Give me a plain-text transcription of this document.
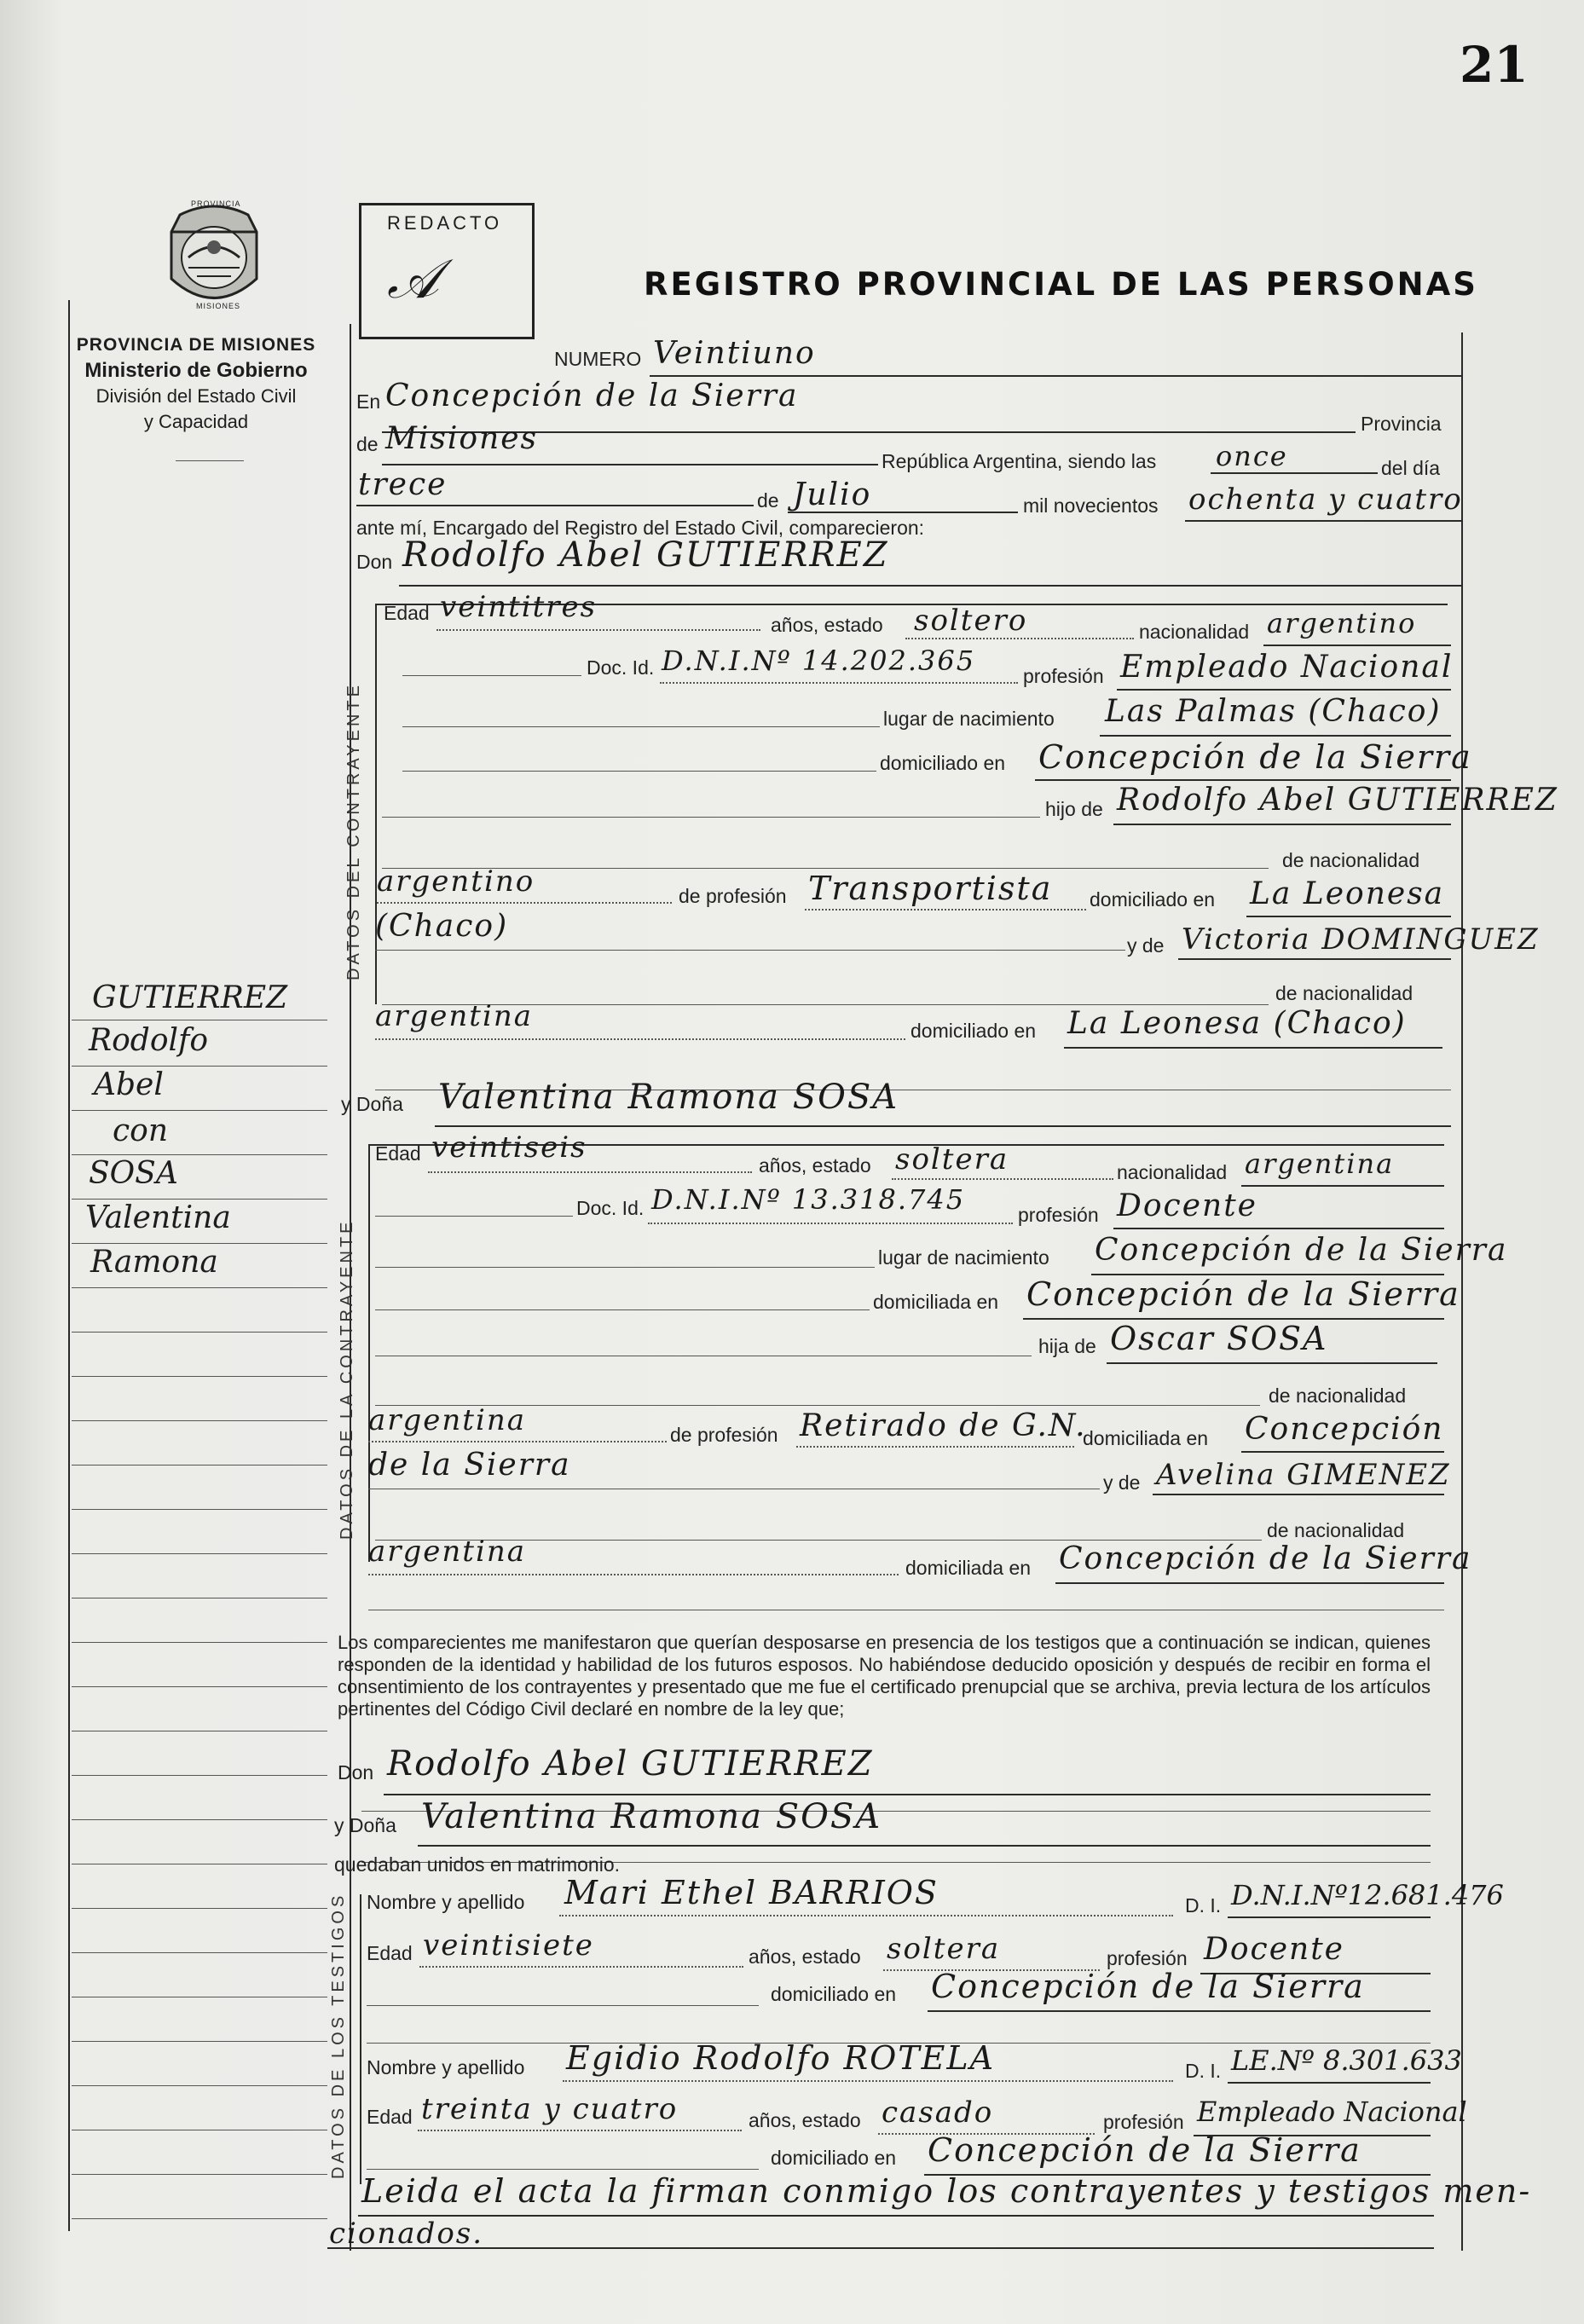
21
PROVINCIA
MISIONES
PROVINCIA DE MISIONES
Ministerio de Gobierno
División del Estado Civil
y Capacidad
REDACTO
𝒜	REGISTRO PROVINCIAL DE LAS PERSONAS
NUMERO Veintiuno
En Concepción de la Sierra
Provincia
de Misiones
República Argentina, siendo las once	del día
trece	de Julio	mil novecientos ochenta y cuatro
ante mí, Encargado del Registro del Estado Civil, comparecieron:
Don Rodolfo Abel GUTIERREZ
DATOS DEL CONTRAYENTE
Edad veintitres
años, estado soltero	nacionalidad argentino
Doc. Id. D.N.I.Nº 14.202.365 profesión Empleado Nacional
lugar de nacimiento Las Palmas (Chaco)
domiciliado en Concepción de la Sierra
hijo de Rodolfo Abel GUTIERREZ
de nacionalidad
argentino	de profesión Transportista domiciliado en La Leonesa
(Chaco)
y de Victoria DOMINGUEZ
de nacionalidad
argentina	domiciliado en La Leonesa (Chaco)
y Doña Valentina Ramona SOSA
DATOS DE LA CONTRAYENTE
Edad veintiseis
años, estado soltera	nacionalidad argentina
Doc. Id. D.N.I.Nº 13.318.745	profesión Docente
lugar de nacimiento Concepción de la Sierra
domiciliada en Concepción de la Sierra
hija de Oscar SOSA
de nacionalidad
argentina	de profesión Retirado de G.N.
domiciliada en Concepción
de la Sierra	y de Avelina GIMENEZ
de nacionalidad
argentina	domiciliada en Concepción de la Sierra
Los comparecientes me manifestaron que querían desposarse en presencia de los testigos que a continuación se indican, quienes responden de la identidad y habilidad de los futuros esposos. No habiéndose deducido oposición y después de recibir en forma el consentimiento de los contrayentes y presentado que me fue el certificado prenupcial que se archiva, previa lectura de los artículos pertinentes del Código Civil declaré en nombre de la ley que;
Don Rodolfo Abel GUTIERREZ
y Doña Valentina Ramona SOSA
quedaban unidos en matrimonio.
DATOS DE LOS TESTIGOS Nombre y apellido Mari Ethel BARRIOS	D. I. D.N.I.Nº12.681.476
Edad veintisiete	años, estado soltera	profesión Docente
domiciliado en Concepción de la Sierra
Nombre y apellido Egidio Rodolfo ROTELA	D. I. LE.Nº 8.301.633
Edad treinta y cuatro	años, estado casado	profesión Empleado Nacional
domiciliado en Concepción de la Sierra
Leida el acta la firman conmigo los contrayentes y testigos men-
cionados.
GUTIERREZ
Rodolfo
Abel
con
SOSA
Valentina
Ramona
